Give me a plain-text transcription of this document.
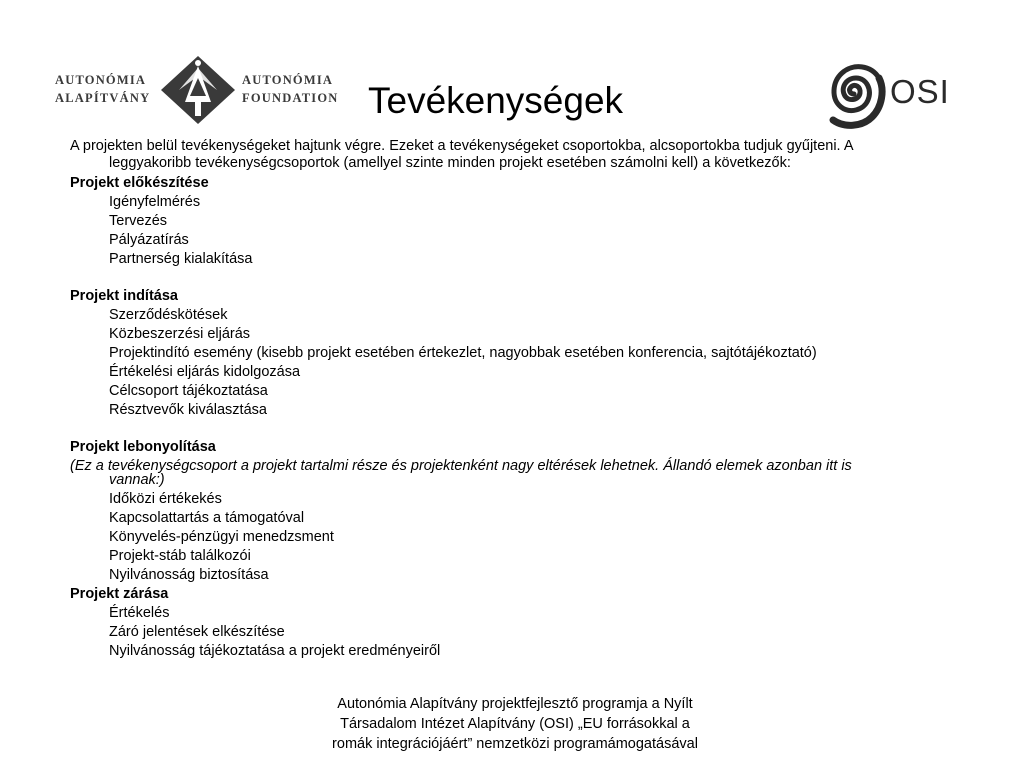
AUTONÓMIA
ALAPÍTVÁNY
AUTONÓMIA
FOUNDATION Tevékenységek	OSI
A projekten belül tevékenységeket hajtunk végre. Ezeket a tevékenységeket csoportokba, alcsoportokba tudjuk gyűjteni. A
leggyakoribb tevékenységcsoportok (amellyel szinte minden projekt esetében számolni kell) a következők:
Projekt előkészítése
Igényfelmérés
Tervezés
Pályázatírás
Partnerség kialakítása
Projekt indítása
Szerződéskötések
Közbeszerzési eljárás
Projektindító esemény (kisebb projekt esetében értekezlet, nagyobbak esetében konferencia, sajtótájékoztató)
Értékelési eljárás kidolgozása
Célcsoport tájékoztatása
Résztvevők kiválasztása
Projekt lebonyolítása
(Ez a tevékenységcsoport a projekt tartalmi része és projektenként nagy eltérések lehetnek. Állandó elemek azonban itt is
vannak:)
Időközi értékekés
Kapcsolattartás a támogatóval
Könyvelés-pénzügyi menedzsment
Projekt-stáb találkozói
Nyilvánosság biztosítása
Projekt zárása
Értékelés
Záró jelentések elkészítése
Nyilvánosság tájékoztatása a projekt eredményeiről
Autonómia Alapítvány projektfejlesztő programja a Nyílt
Társadalom Intézet Alapítvány (OSI) „EU forrásokkal a
romák integrációjáért” nemzetközi programámogatásával
